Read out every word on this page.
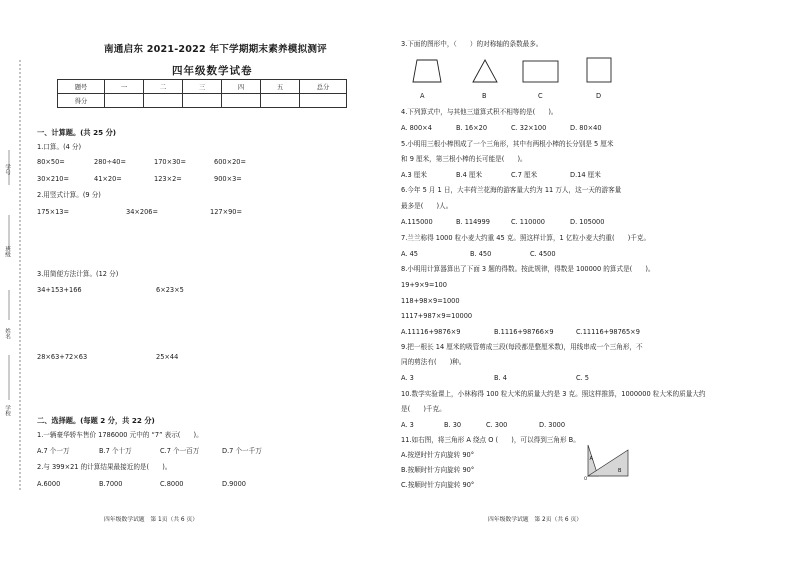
学号
班级
姓名
学校
南通启东 2021-2022 年下学期期末素养模拟测评
四年级数学试卷
题号	一	二	三	四	五	总分
得分						
一、计算题。(共 25 分)
1.口算。(4 分)
80×50=	280÷40=	170×30=	600×20=
30×210=	41×20=	123×2=	900×3=
2.用竖式计算。(9 分)
175×13=	34×206=	127×90=
3.用简便方法计算。(12 分)
34+153+166	6×23×5
28×63+72×63	25×44
二、选择题。(每题 2 分，共 22 分)
1.一辆豪华轿车售价 1786000 元中的 “7” 表示(　　)。
A.7 个一万	B.7 个十万	C.7 个一百万	D.7 个一千万
2.与 399×21 的计算结果最接近的是(　　)。
A.6000	B.7000	C.8000	D.9000
四年级数学试题　第 1页（共 6 页）
3.下面的图形中，（　　）的对称轴的条数最多。
A	B	C	D
4.下列算式中，与其他三道算式积不相等的是(　　)。
A. 800×4	B. 16×20	C. 32×100	D. 80×40
5.小明用三根小棒围成了一个三角形，其中有两根小棒的长分别是 5 厘米
和 9 厘米，第三根小棒的长可能是(　　)。
A.3 厘米	B.4 厘米	C.7 厘米	D.14 厘米
6.今年 5 月 1 日，大丰荷兰花海的游客量大约为 11 万人，这一天的游客量
最多是(　　)人。
A.115000	B. 114999	C. 110000	D. 105000
7.兰兰称得 1000 粒小麦大约重 45 克。照这样计算，1 亿粒小麦大约重(　　)千克。
A. 45	B. 450	C. 4500
8.小明用计算器算出了下面 3 题的得数。按此规律，得数是 100000 的算式是(　　)。
19+9×9=100
118+98×9=1000
1117+987×9=10000
A.11116+9876×9	B.1116+98766×9	C.11116+98765×9
9.把一根长 14 厘米的吸管剪成三段(每段都是整厘米数)，用线串成一个三角形，不
同的剪法有(　　)种。
A. 3	B. 4	C. 5
10.数学实验课上，小林称得 100 粒大米的质量大约是 3 克。照这样推算，1000000 粒大米的质量大约
是(　　)千克。
A. 3	B. 30	C. 300	D. 3000
11.如右图，将三角形 A 绕点 O (　　)，可以得到三角形 B。
A.按逆时针方向旋转 90°
B.按顺时针方向旋转 90°
C.按顺时针方向旋转 90°
A
B
O
四年级数学试题　第 2页（共 6 页）
